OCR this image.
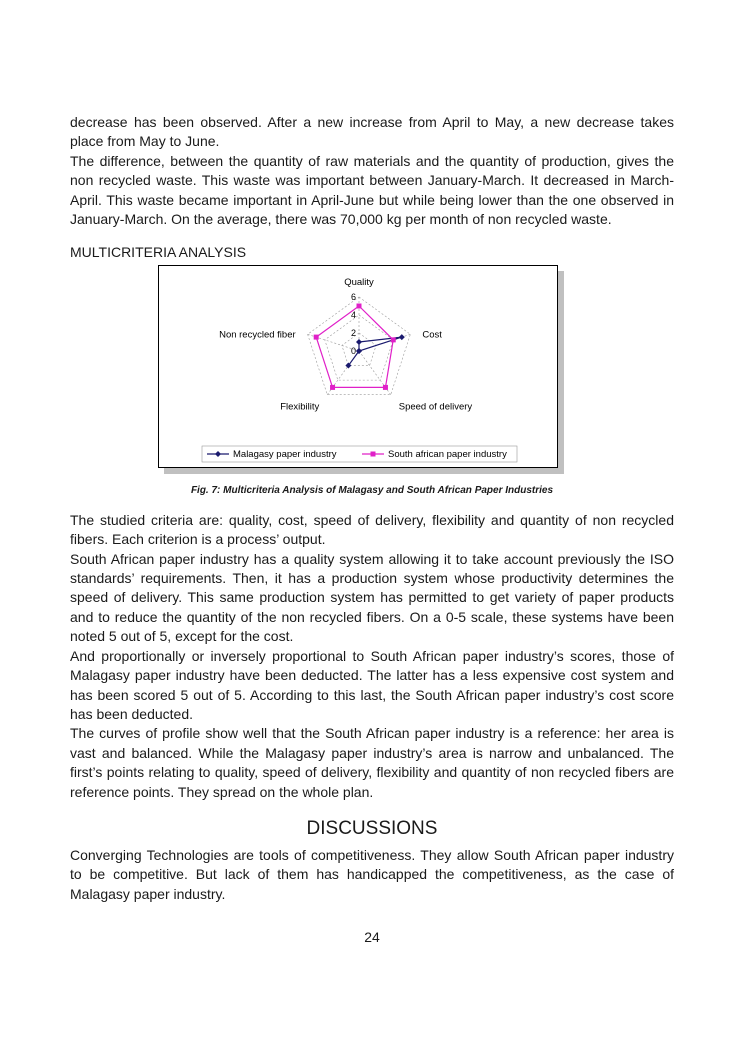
decrease has been observed. After a new increase from April to May, a new decrease takes place from May to June.

The difference, between the quantity of raw materials and the quantity of production, gives the non recycled waste. This waste was important between January-March. It decreased in March-April. This waste became important in April-June but while being lower than the one observed in January-March. On the average, there was 70,000 kg per month of non recycled waste.

MULTICRITERIA ANALYSIS

0
2
4
6
Quality
Cost
Speed of delivery
Flexibility
Non recycled fiber
Malagasy paper industry	South african paper industry

Fig. 7: Multicriteria Analysis of Malagasy and South African Paper Industries

The studied criteria are: quality, cost, speed of delivery, flexibility and quantity of non recycled fibers. Each criterion is a process’ output.

South African paper industry has a quality system allowing it to take account previously the ISO standards’ requirements. Then, it has a production system whose productivity determines the speed of delivery. This same production system has permitted to get variety of paper products and to reduce the quantity of the non recycled fibers. On a 0-5 scale, these systems have been noted 5 out of 5, except for the cost.

And proportionally or inversely proportional to South African paper industry’s scores, those of Malagasy paper industry have been deducted. The latter has a less expensive cost system and has been scored 5 out of 5. According to this last, the South African paper industry’s cost score has been deducted.

The curves of profile show well that the South African paper industry is a reference: her area is vast and balanced. While the Malagasy paper industry’s area is narrow and unbalanced. The first’s points relating to quality, speed of delivery, flexibility and quantity of non recycled fibers are reference points. They spread on the whole plan.

DISCUSSIONS

Converging Technologies are tools of competitiveness. They allow South African paper industry to be competitive. But lack of them has handicapped the competitiveness, as the case of Malagasy paper industry.

24
